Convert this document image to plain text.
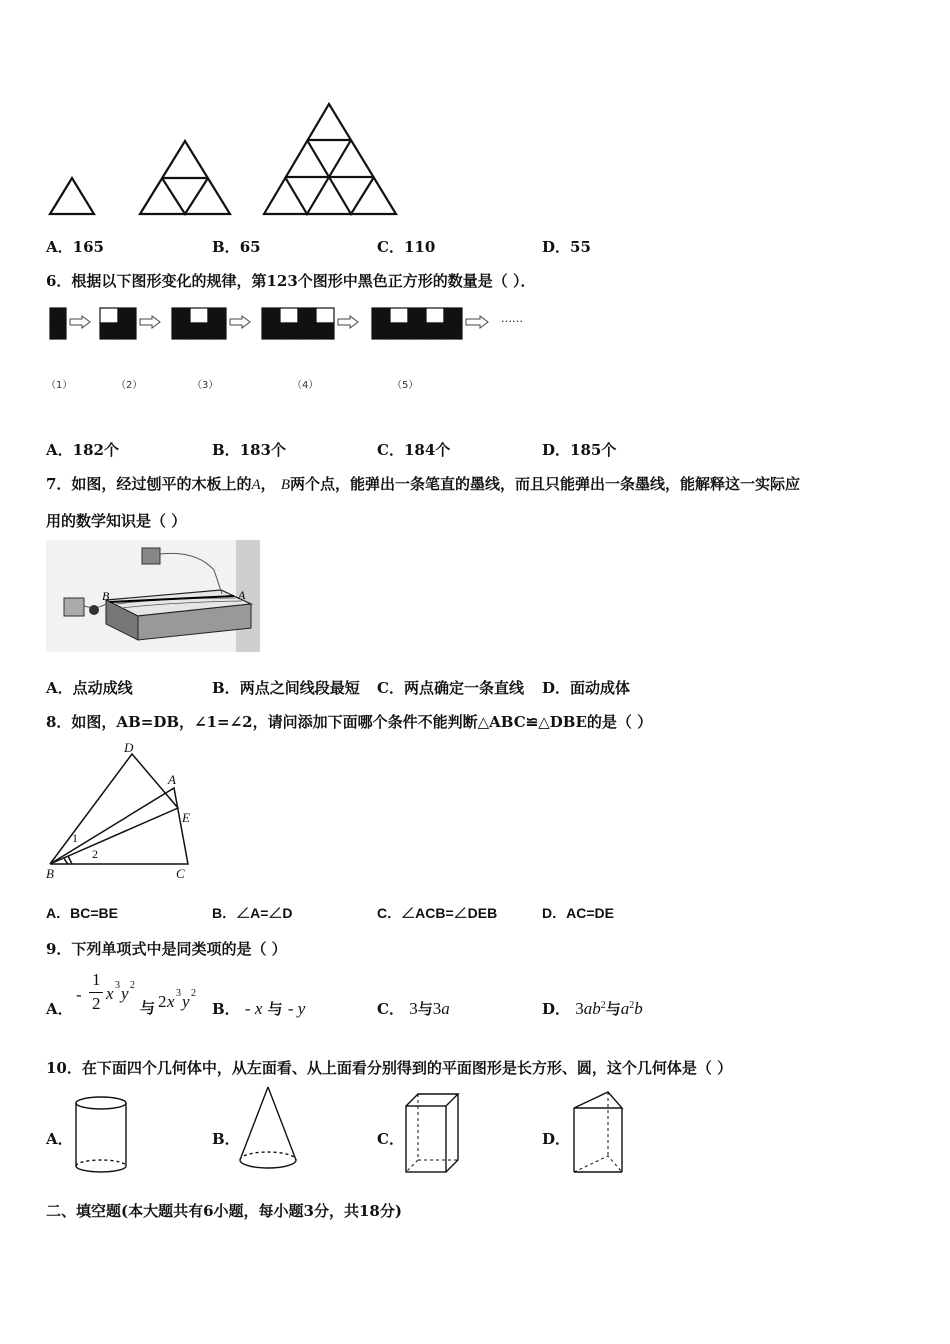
A．165	B．65	C．110	D．55
6．根据以下图形变化的规律，第123个图形中黑色正方形的数量是（ ）．
……
（1）	（2）	（3）	（4）	（5）
A．182个	B．183个	C．184个	D．185个
7．如图，经过刨平的木板上的A， B两个点，能弹出一条笔直的墨线，而且只能弹出一条墨线，能解释这一实际应
用的数学知识是（ ）
A
B
A．点动成线	B．两点之间线段最短 C．两点确定一条直线 D．面动成体
8．如图，AB=DB，∠1=∠2，请问添加下面哪个条件不能判断△ABC≌△DBE的是（ ）
D
A
E
B	C
1
2
A．BC=BE	B．∠A=∠D	C．∠ACB=∠DEB	D．AC=DE
9．下列单项式中是同类项的是（ ）
A．
-
1
2
x 3 y 2
与 2 x 3 y 2
B． - x 与 - y	C． 3与3a	D． $3ab^2$与$a^2b$
10．在下面四个几何体中，从左面看、从上面看分别得到的平面图形是长方形、圆，这个几何体是（ ）
A．	B．	C．	D．
二、填空题(本大题共有6小题，每小题3分，共18分)
